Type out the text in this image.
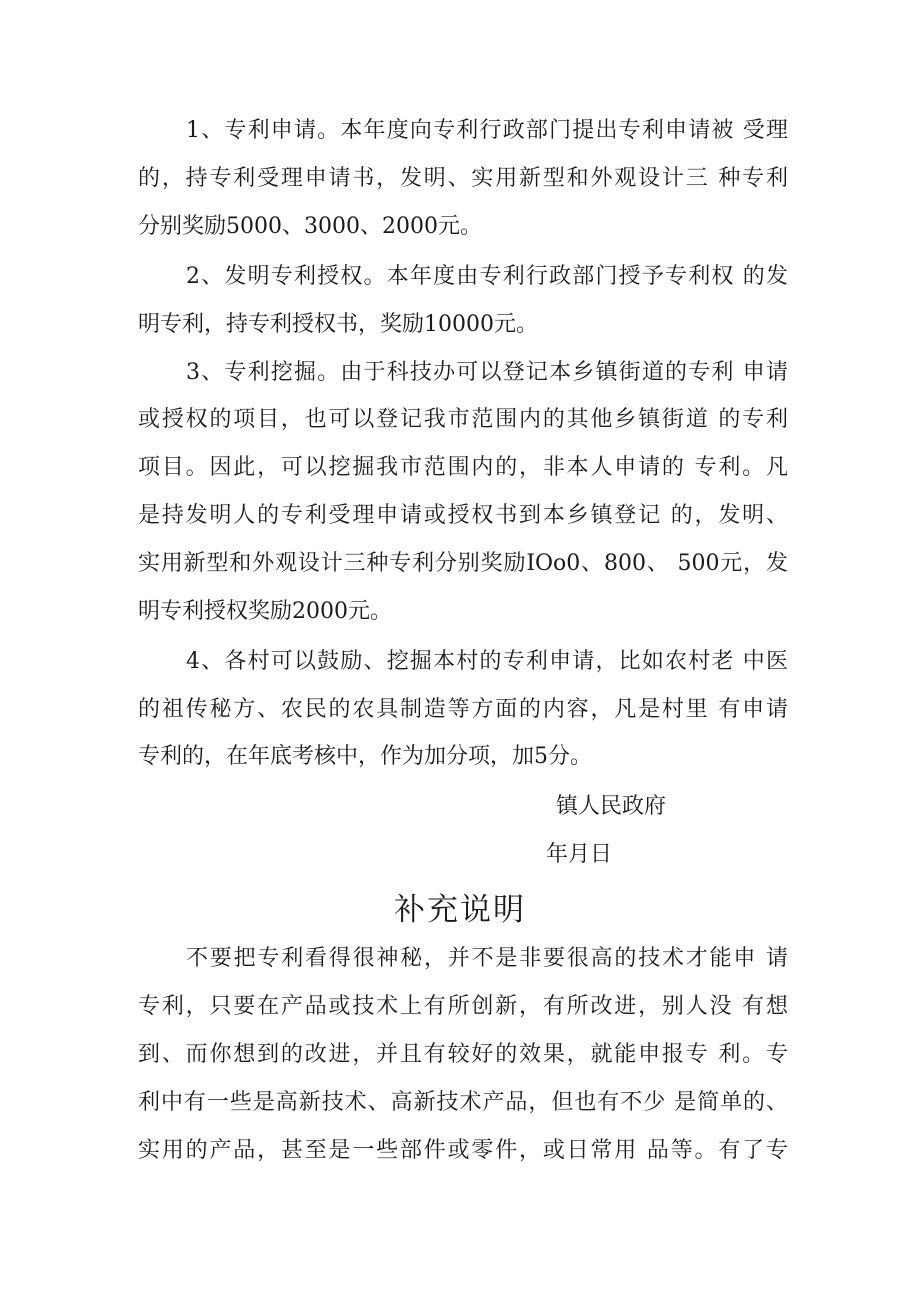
1、专利申请。本年度向专利行政部门提出专利申请被 受理
的，持专利受理申请书，发明、实用新型和外观设计三 种专利
分别奖励5000、3000、2000元。
2、发明专利授权。本年度由专利行政部门授予专利权 的发
明专利，持专利授权书，奖励10000元。
3、专利挖掘。由于科技办可以登记本乡镇街道的专利 申请
或授权的项目，也可以登记我市范围内的其他乡镇街道 的专利
项目。因此，可以挖掘我市范围内的，非本人申请的 专利。凡
是持发明人的专利受理申请或授权书到本乡镇登记 的，发明、
实用新型和外观设计三种专利分别奖励IOo0、800、 500元，发
明专利授权奖励2000元。
4、各村可以鼓励、挖掘本村的专利申请，比如农村老 中医
的祖传秘方、农民的农具制造等方面的内容，凡是村里 有申请
专利的，在年底考核中，作为加分项，加5分。
镇人民政府
年月日
补充说明
不要把专利看得很神秘，并不是非要很高的技术才能申 请
专利，只要在产品或技术上有所创新，有所改进，别人没 有想
到、而你想到的改进，并且有较好的效果，就能申报专 利。专
利中有一些是高新技术、高新技术产品，但也有不少 是简单的、
实用的产品，甚至是一些部件或零件，或日常用 品等。有了专
